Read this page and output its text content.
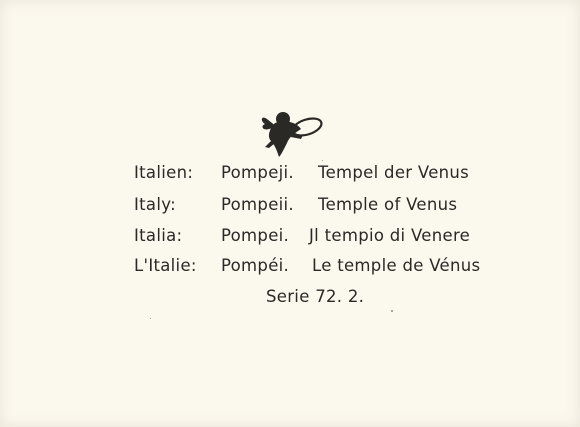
Italien: Pompeji. Tempel der Venus
Italy:	Pompeii. Temple of Venus
Italia: Pompei. Jl tempio di Venere
L'Italie: Pompéi. Le temple de Vénus
Serie 72. 2.
